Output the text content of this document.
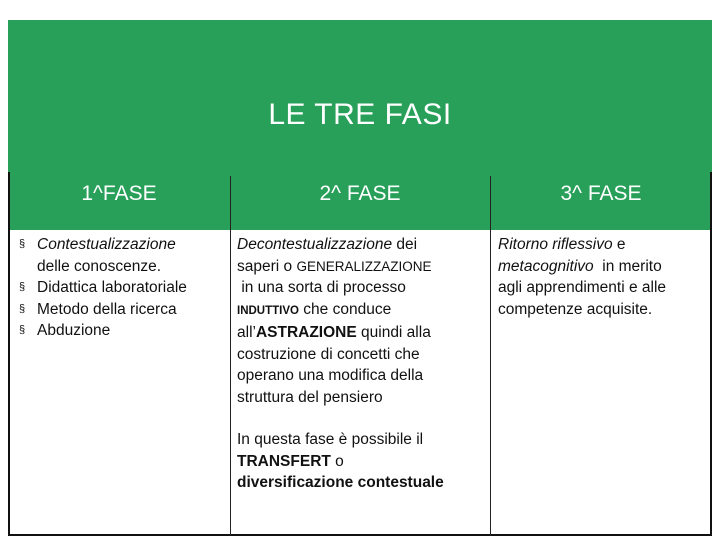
LE TRE FASI
1^FASE	2^ FASE	3^ FASE
§ Contestualizzazione
delle conoscenze.
§ Didattica laboratoriale
§ Metodo della ricerca
§ Abduzione
Decontestualizzazione dei
saperi o GENERALIZZAZIONE
in una sorta di processo
INDUTTIVO che conduce
all’ASTRAZIONE quindi alla
costruzione di concetti che
operano una modifica della
struttura del pensiero
In questa fase è possibile il
TRANSFERT o
diversificazione contestuale
Ritorno riflessivo e
metacognitivo  in merito
agli apprendimenti e alle
competenze acquisite.
